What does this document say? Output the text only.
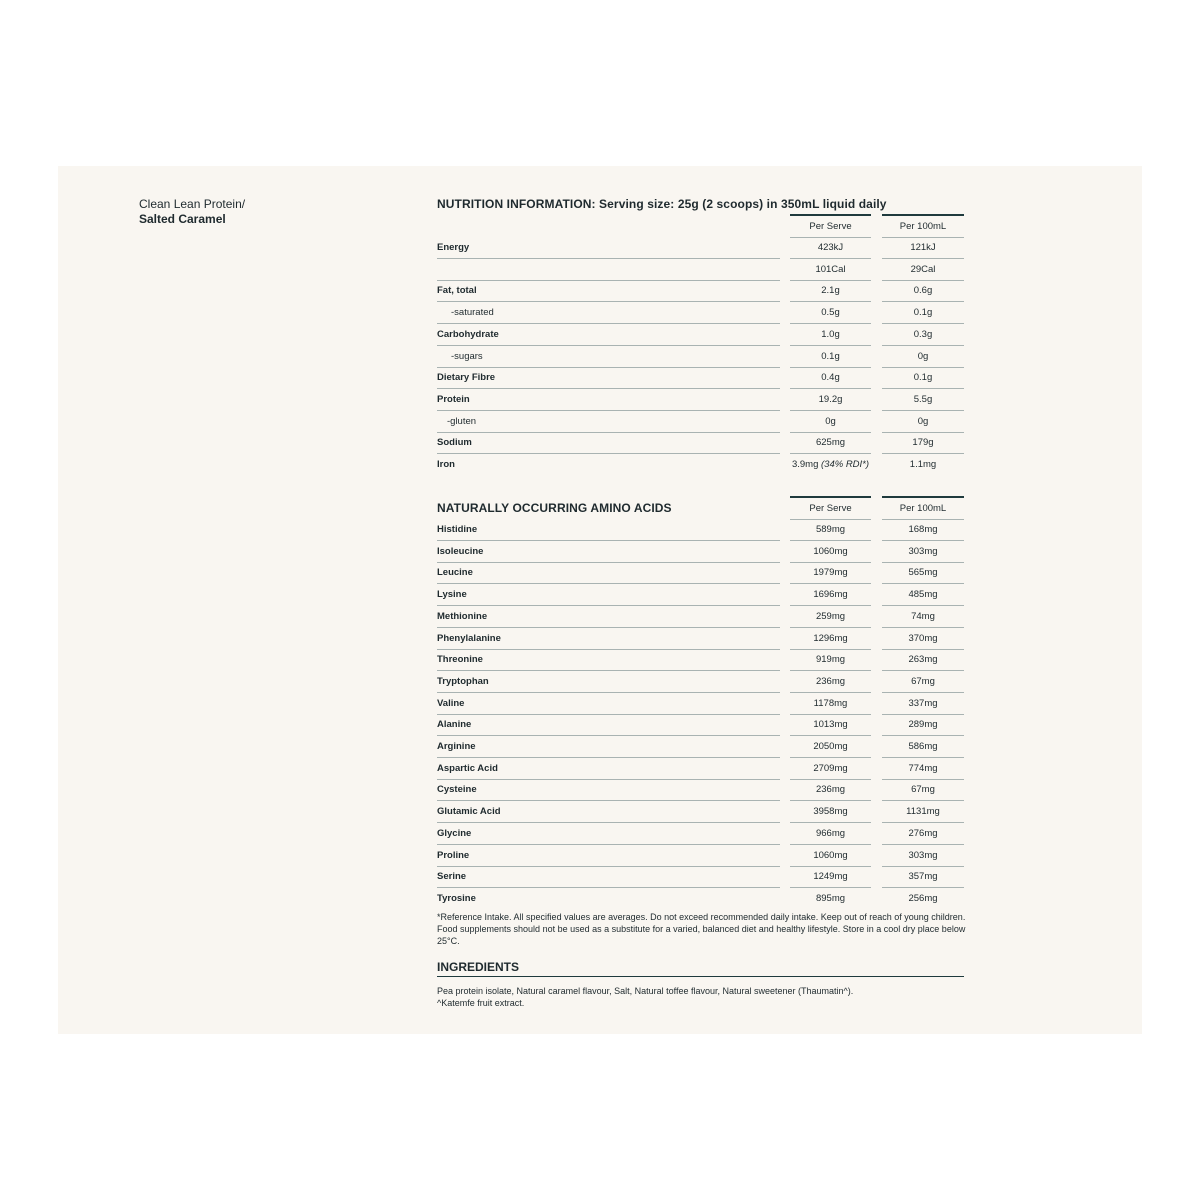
Clean Lean Protein/
Salted Caramel
NUTRITION INFORMATION: Serving size: 25g (2 scoops) in 350mL liquid daily
Per Serve	Per 100mL
Energy	423kJ	121kJ
101Cal	29Cal
Fat, total	2.1g	0.6g
-saturated	0.5g	0.1g
Carbohydrate	1.0g	0.3g
-sugars	0.1g	0g
Dietary Fibre	0.4g	0.1g
Protein	19.2g	5.5g
-gluten	0g	0g
Sodium	625mg	179g
Iron	3.9mg (34% RDI*)	1.1mg
NATURALLY OCCURRING AMINO ACIDS	Per Serve	Per 100mL
Histidine	589mg	168mg
Isoleucine	1060mg	303mg
Leucine	1979mg	565mg
Lysine	1696mg	485mg
Methionine	259mg	74mg
Phenylalanine	1296mg	370mg
Threonine	919mg	263mg
Tryptophan	236mg	67mg
Valine	1178mg	337mg
Alanine	1013mg	289mg
Arginine	2050mg	586mg
Aspartic Acid	2709mg	774mg
Cysteine	236mg	67mg
Glutamic Acid	3958mg	1131mg
Glycine	966mg	276mg
Proline	1060mg	303mg
Serine	1249mg	357mg
Tyrosine	895mg	256mg
*Reference Intake. All specified values are averages. Do not exceed recommended daily intake. Keep out of reach of young children. Food supplements should not be used as a substitute for a varied, balanced diet and healthy lifestyle. Store in a cool dry place below 25°C.
INGREDIENTS
Pea protein isolate, Natural caramel flavour, Salt, Natural toffee flavour, Natural sweetener (Thaumatin^).
^Katemfe fruit extract.
